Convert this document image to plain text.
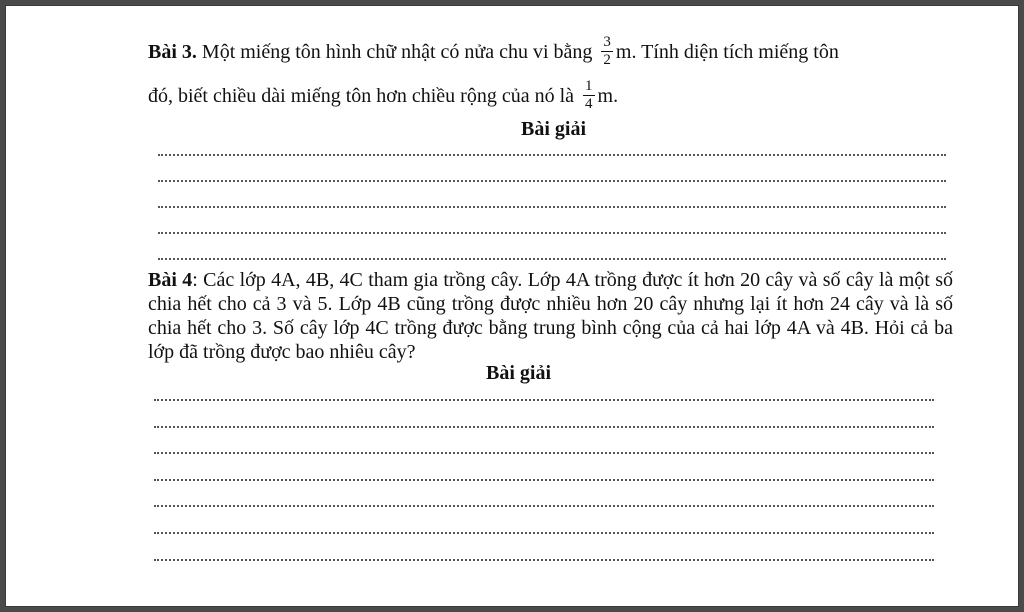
Bài 3. Một miếng tôn hình chữ nhật có nửa chu vi bằng $\frac{3}{2} m$. Tính diện tích miếng tôn
đó, biết chiều dài miếng tôn hơn chiều rộng của nó là $\frac{1}{4} m$.

Bài giải

Bài 4: Các lớp 4A, 4B, 4C tham gia trồng cây. Lớp 4A trồng được ít hơn 20 cây và số cây là một số chia hết cho cả 3 và 5. Lớp 4B cũng trồng được nhiều hơn 20 cây nhưng lại ít hơn 24 cây và là số chia hết cho 3. Số cây lớp 4C trồng được bằng trung bình cộng của cả hai lớp 4A và 4B. Hỏi cả ba lớp đã trồng được bao nhiêu cây?

Bài giải
